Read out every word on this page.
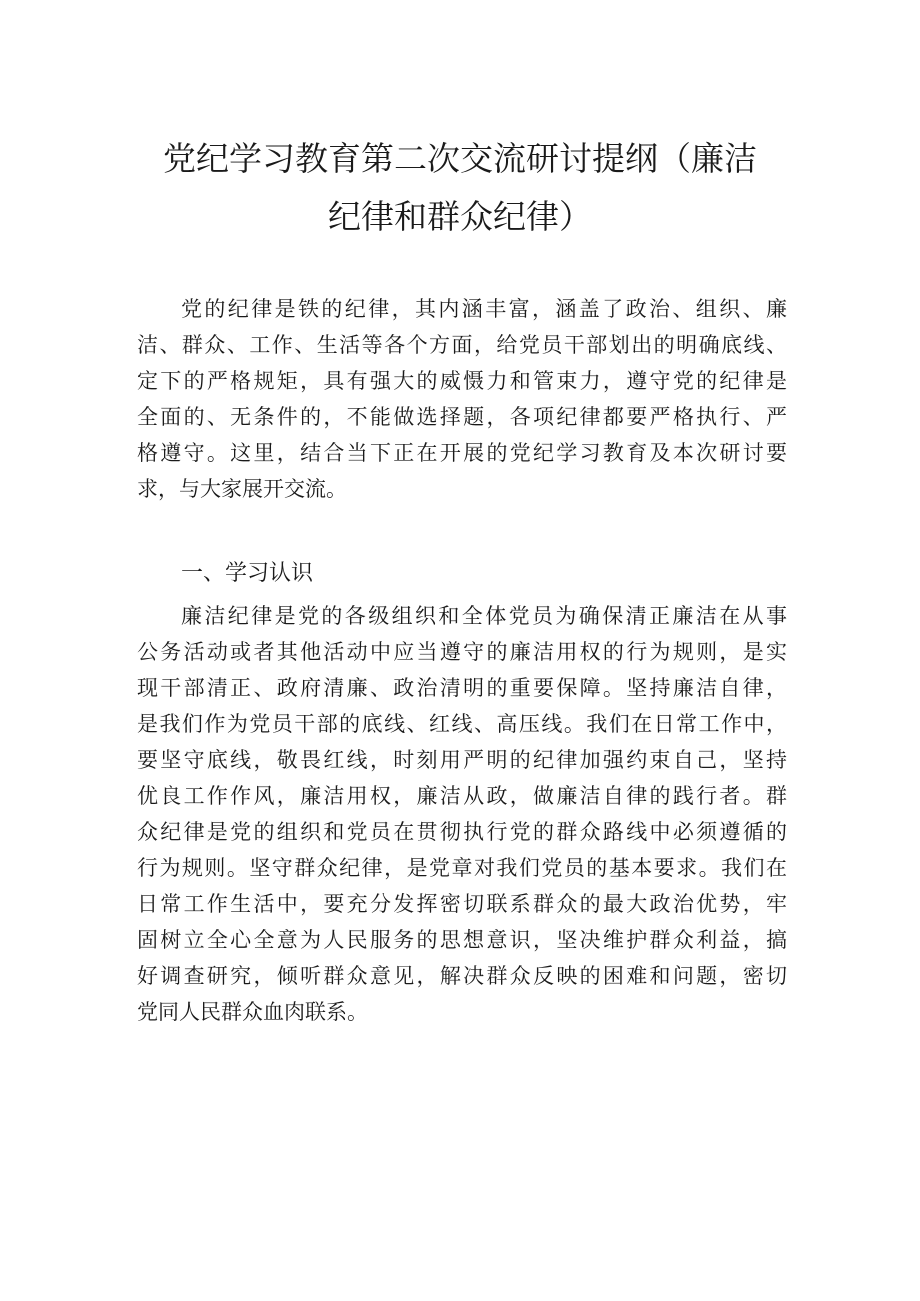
党纪学习教育第二次交流研讨提纲（廉洁
纪律和群众纪律）
党的纪律是铁的纪律，其内涵丰富，涵盖了政治、组织、廉
洁、群众、工作、生活等各个方面，给党员干部划出的明确底线、
定下的严格规矩，具有强大的威慑力和管束力，遵守党的纪律是
全面的、无条件的，不能做选择题，各项纪律都要严格执行、严
格遵守。这里，结合当下正在开展的党纪学习教育及本次研讨要
求，与大家展开交流。
一、学习认识
廉洁纪律是党的各级组织和全体党员为确保清正廉洁在从事
公务活动或者其他活动中应当遵守的廉洁用权的行为规则，是实
现干部清正、政府清廉、政治清明的重要保障。坚持廉洁自律，
是我们作为党员干部的底线、红线、高压线。我们在日常工作中，
要坚守底线，敬畏红线，时刻用严明的纪律加强约束自己，坚持
优良工作作风，廉洁用权，廉洁从政，做廉洁自律的践行者。群
众纪律是党的组织和党员在贯彻执行党的群众路线中必须遵循的
行为规则。坚守群众纪律，是党章对我们党员的基本要求。我们在
日常工作生活中，要充分发挥密切联系群众的最大政治优势，牢
固树立全心全意为人民服务的思想意识，坚决维护群众利益，搞
好调查研究，倾听群众意见，解决群众反映的困难和问题，密切
党同人民群众血肉联系。
